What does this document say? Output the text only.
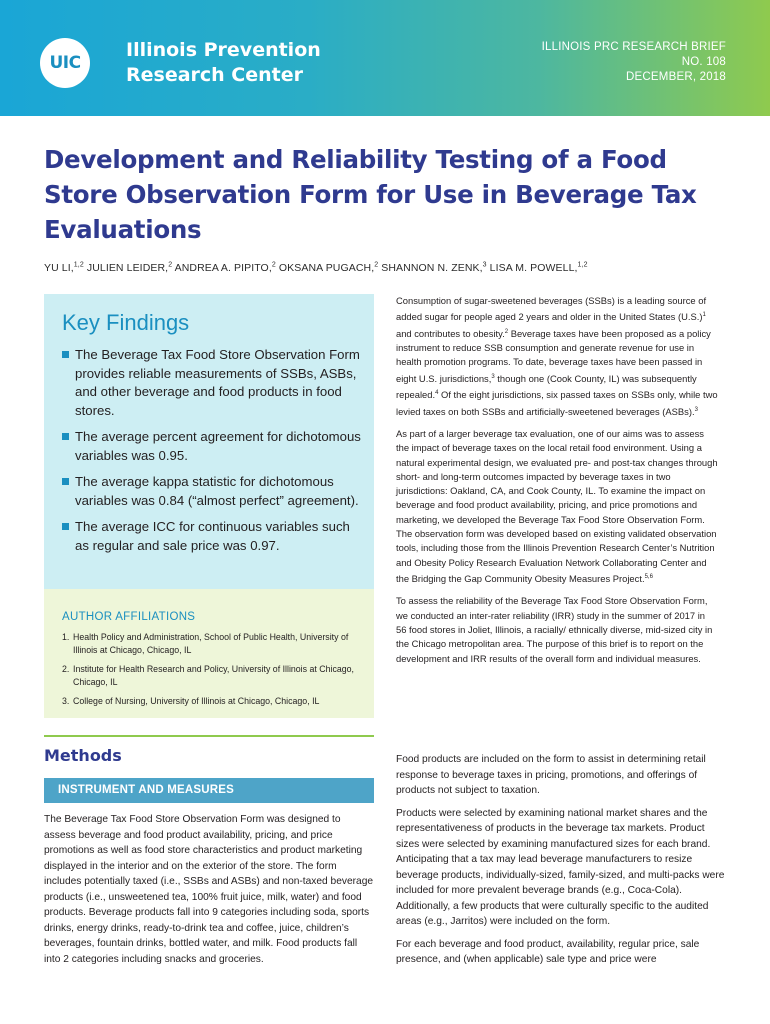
UIC
Illinois Prevention
Research Center
ILLINOIS PRC RESEARCH BRIEF
NO. 108
DECEMBER, 2018
Development and Reliability Testing of a Food Store Observation Form for Use in Beverage Tax Evaluations
YU LI,$^{1,2}$ JULIEN LEIDER,$^2$ ANDREA A. PIPITO,$^2$ OKSANA PUGACH,$^2$ SHANNON N. ZENK,$^3$ LISA M. POWELL,$^{1,2}$
Key Findings
The Beverage Tax Food Store Observation Form provides reliable measurements of SSBs, ASBs, and other beverage and food products in food stores.
The average percent agreement for dichotomous variables was 0.95.
The average kappa statistic for dichotomous variables was 0.84 (“almost perfect” agreement).
The average ICC for continuous variables such as regular and sale price was 0.97.
AUTHOR AFFILIATIONS
1. Health Policy and Administration, School of Public Health, University of Illinois at Chicago, Chicago, IL
2. Institute for Health Research and Policy, University of Illinois at Chicago, Chicago, IL
3. College of Nursing, University of Illinois at Chicago, Chicago, IL

Consumption of sugar-sweetened beverages (SSBs) is a leading source of added sugar for people aged 2 years and older in the United States $(U.S.)^1$ and contributes to obesity.$^2$ Beverage taxes have been proposed as a policy instrument to reduce SSB consumption and generate revenue for use in health promotion programs. To date, beverage taxes have been passed in eight U.S. jurisdictions,$^3$ though one (Cook County, IL) was subsequently repealed.$^4$ Of the eight jurisdictions, six passed taxes on SSBs only, while two levied taxes on both SSBs and artificially-sweetened beverages (ASBs).$^3$

As part of a larger beverage tax evaluation, one of our aims was to assess the impact of beverage taxes on the local retail food environment. Using a natural experimental design, we evaluated pre- and post-tax changes through short- and long-term outcomes impacted by beverage taxes in two jurisdictions: Oakland, CA, and Cook County, IL. To examine the impact on beverage and food product availability, pricing, and price promotions and marketing, we developed the Beverage Tax Food Store Observation Form. The observation form was developed based on existing validated observation tools, including those from the Illinois Prevention Research Center’s Nutrition and Obesity Policy Research Evaluation Network Collaborating Center and the Bridging the Gap Community Obesity Measures Project.$^{5,6}$

To assess the reliability of the Beverage Tax Food Store Observation Form, we conducted an inter-rater reliability (IRR) study in the summer of 2017 in 56 food stores in Joliet, Illinois, a racially/ ethnically diverse, mid-sized city in the Chicago metropolitan area. The purpose of this brief is to report on the development and IRR results of the overall form and individual measures.

Methods
INSTRUMENT AND MEASURES

The Beverage Tax Food Store Observation Form was designed to assess beverage and food product availability, pricing, and price promotions as well as food store characteristics and product marketing displayed in the interior and on the exterior of the store. The form includes potentially taxed (i.e., SSBs and ASBs) and non-taxed beverage products (i.e., unsweetened tea, 100% fruit juice, milk, water) and food products. Beverage products fall into 9 categories including soda, sports drinks, energy drinks, ready-to-drink tea and coffee, juice, children’s beverages, fountain drinks, bottled water, and milk. Food products fall into 2 categories including snacks and groceries.

Food products are included on the form to assist in determining retail response to beverage taxes in pricing, promotions, and offerings of products not subject to taxation.

Products were selected by examining national market shares and the representativeness of products in the beverage tax markets. Product sizes were selected by examining manufactured sizes for each brand. Anticipating that a tax may lead beverage manufacturers to resize beverage products, individually-sized, family-sized, and multi-packs were included for more prevalent beverage brands (e.g., Coca-Cola). Additionally, a few products that were culturally specific to the audited areas (e.g., Jarritos) were included on the form.

For each beverage and food product, availability, regular price, sale presence, and (when applicable) sale type and price were
